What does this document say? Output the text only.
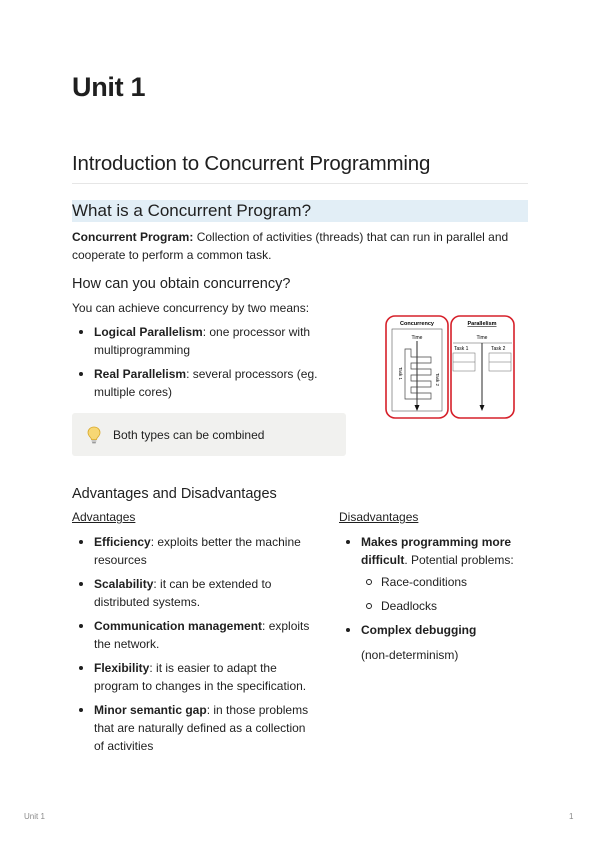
Unit 1
Introduction to Concurrent Programming
What is a Concurrent Program?
Concurrent Program: Collection of activities (threads) that can run in parallel and cooperate to perform a common task.
How can you obtain concurrency?
You can achieve concurrency by two means:
Logical Parallelism: one processor with multiprogramming
Real Parallelism: several processors (eg. multiple cores)
Both types can be combined
Concurrency
Time
Task 1	Task 2
Parallelism
Time
Task 1	Task 2
Advantages and Disadvantages
Advantages
Efficiency: exploits better the machine resources
Scalability: it can be extended to distributed systems.
Communication management: exploits the network.
Flexibility: it is easier to adapt the program to changes in the specification.
Minor semantic gap: in those problems that are naturally defined as a collection of activities
Disadvantages
Makes programming more difficult. Potential problems:
Race-conditions
Deadlocks
Complex debugging
(non-determinism)
Unit 1	1
